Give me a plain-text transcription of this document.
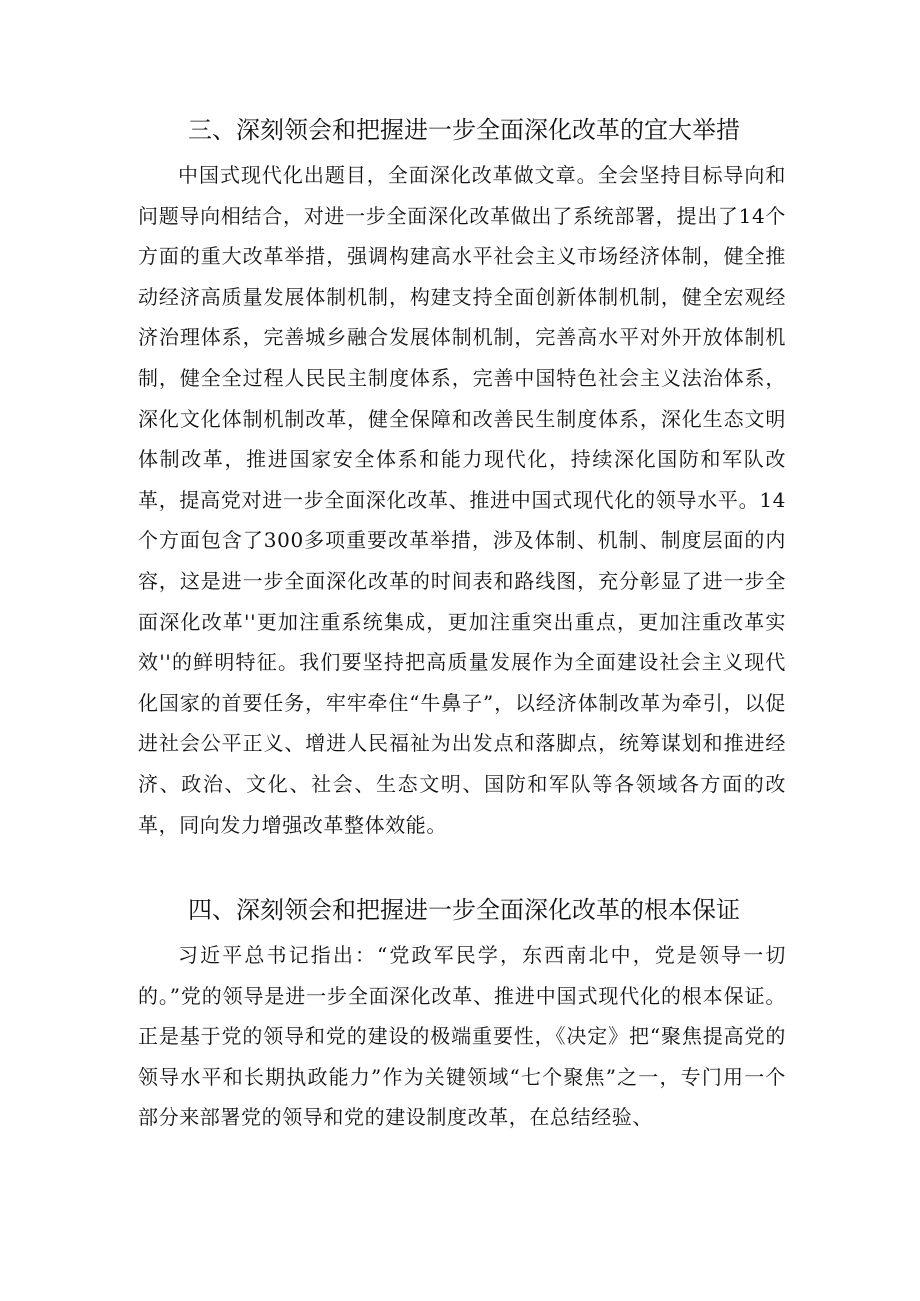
三、深刻领会和把握进一步全面深化改革的宜大举措

中国式现代化出题目，全面深化改革做文章。全会坚持目标导向和问题导向相结合，对进一步全面深化改革做出了系统部署，提出了14个方面的重大改革举措，强调构建高水平社会主义市场经济体制，健全推动经济高质量发展体制机制，构建支持全面创新体制机制，健全宏观经济治理体系，完善城乡融合发展体制机制，完善高水平对外开放体制机制，健全全过程人民民主制度体系，完善中国特色社会主义法治体系，深化文化体制机制改革，健全保障和改善民生制度体系，深化生态文明体制改革，推进国家安全体系和能力现代化，持续深化国防和军队改革，提高党对进一步全面深化改革、推进中国式现代化的领导水平。14个方面包含了300多项重要改革举措，涉及体制、机制、制度层面的内容，这是进一步全面深化改革的时间表和路线图，充分彰显了进一步全面深化改革''更加注重系统集成，更加注重突出重点，更加注重改革实效''的鲜明特征。我们要坚持把高质量发展作为全面建设社会主义现代化国家的首要任务，牢牢牵住“牛鼻子”，以经济体制改革为牵引，以促进社会公平正义、增进人民福祉为出发点和落脚点，统筹谋划和推进经济、政治、文化、社会、生态文明、国防和军队等各领域各方面的改革，同向发力增强改革整体效能。

四、深刻领会和把握进一步全面深化改革的根本保证

习近平总书记指出：“党政军民学，东西南北中，党是领导一切的。”党的领导是进一步全面深化改革、推进中国式现代化的根本保证。正是基于党的领导和党的建设的极端重要性，《决定》把“聚焦提高党的领导水平和长期执政能力”作为关键领域“七个聚焦”之一，专门用一个部分来部署党的领导和党的建设制度改革，在总结经验、
